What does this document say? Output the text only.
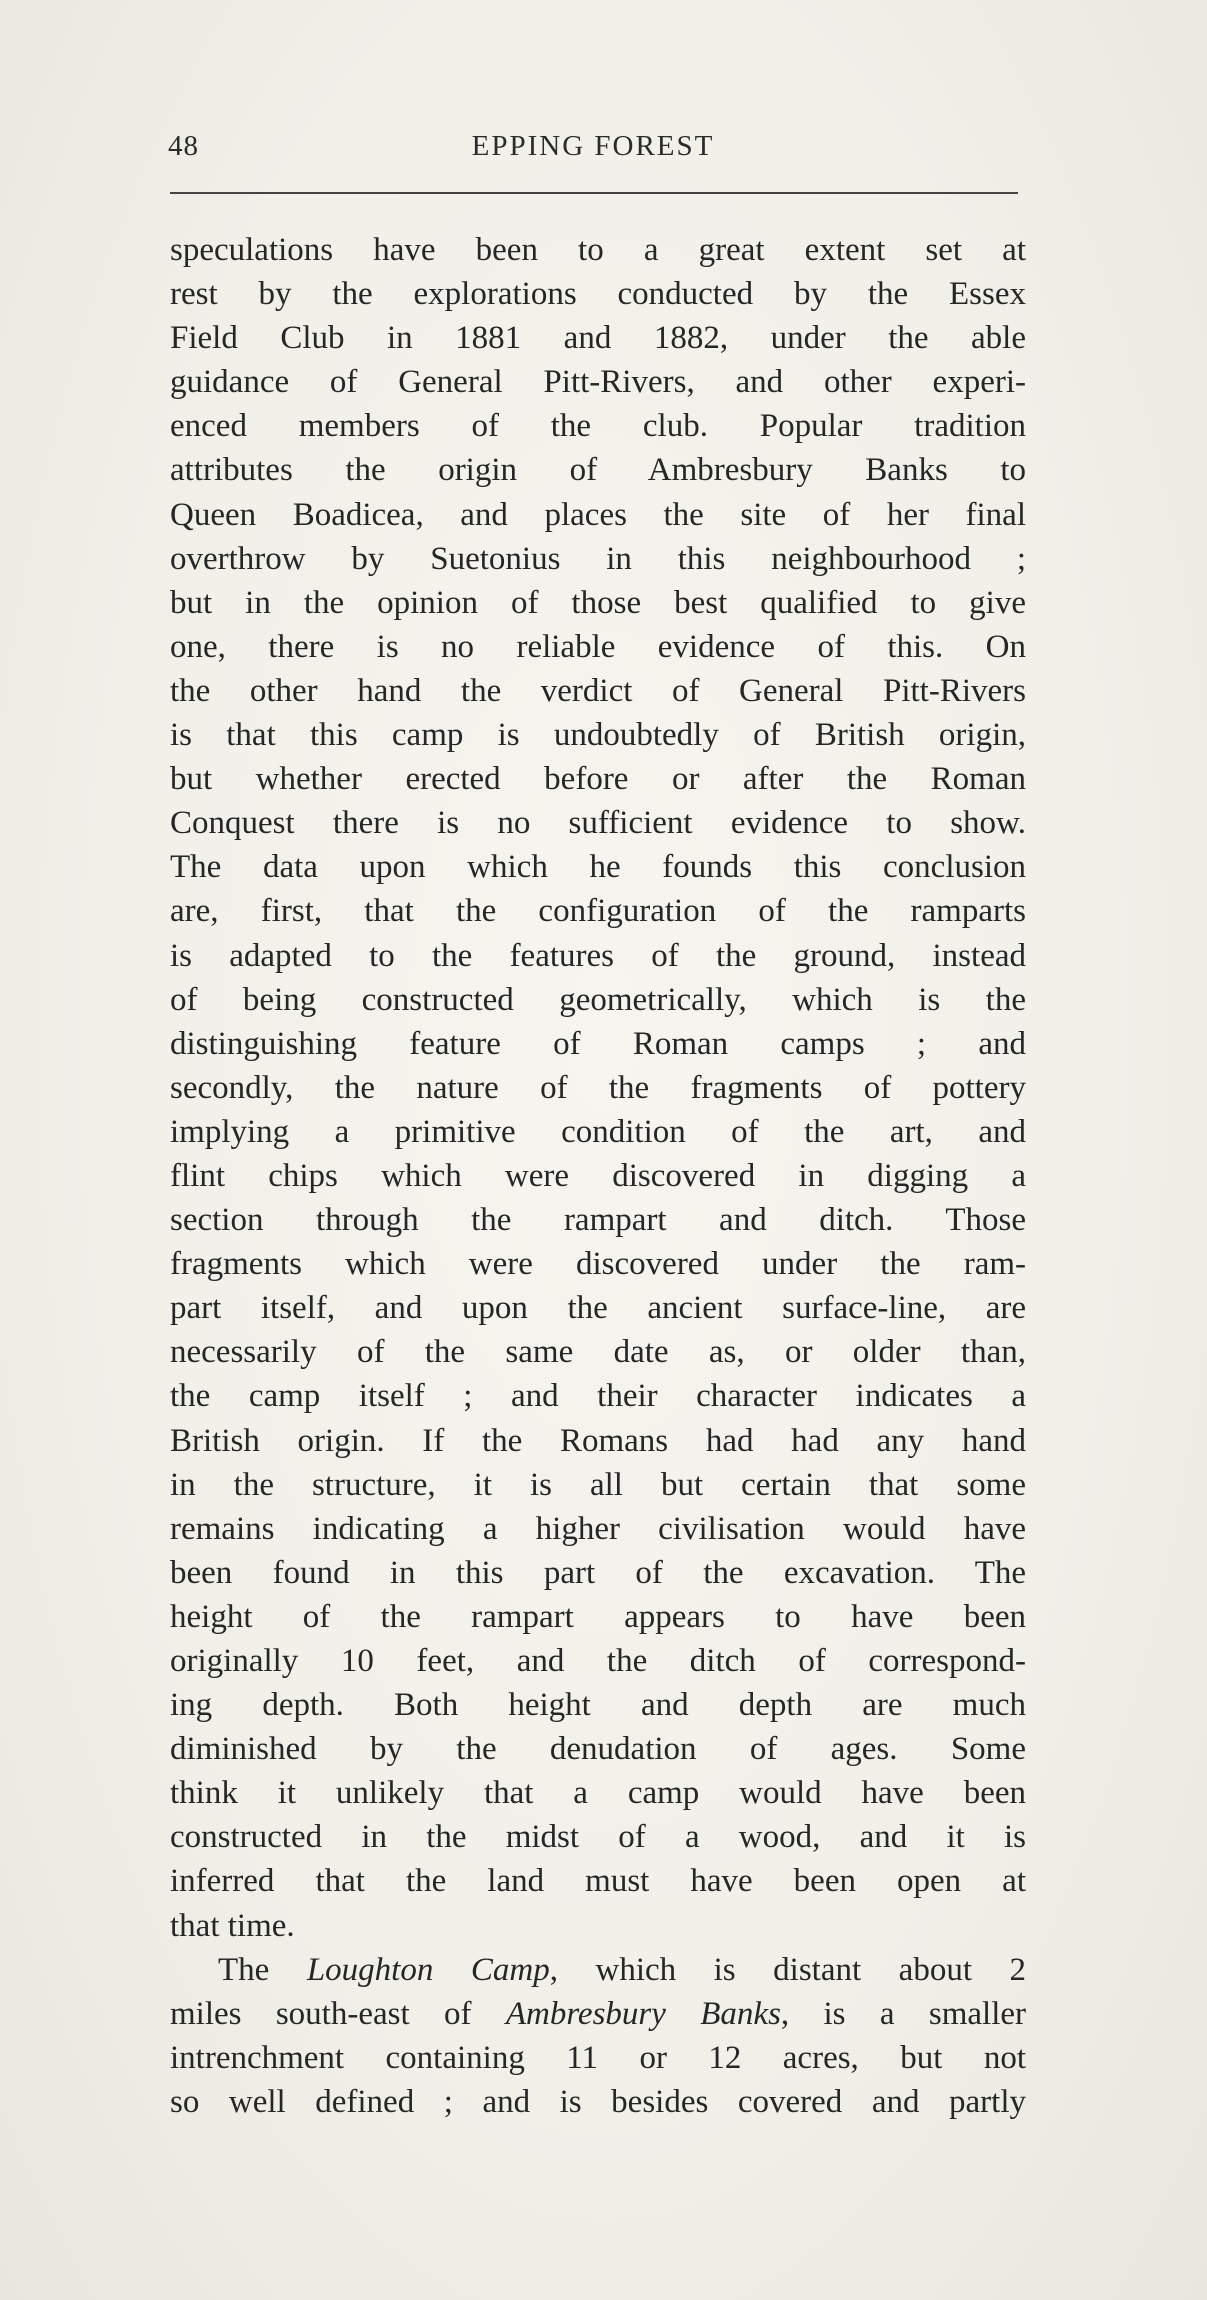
48	EPPING FOREST
speculations have been to a great extent set at
rest by the explorations conducted by the Essex
Field Club in 1881 and 1882, under the able
guidance of General Pitt-Rivers, and other experi-
enced members of the club. Popular tradition
attributes the origin of Ambresbury Banks to
Queen Boadicea, and places the site of her final
overthrow by Suetonius in this neighbourhood ;
but in the opinion of those best qualified to give
one, there is no reliable evidence of this. On
the other hand the verdict of General Pitt-Rivers
is that this camp is undoubtedly of British origin,
but whether erected before or after the Roman
Conquest there is no sufficient evidence to show.
The data upon which he founds this conclusion
are, first, that the configuration of the ramparts
is adapted to the features of the ground, instead
of being constructed geometrically, which is the
distinguishing feature of Roman camps ; and
secondly, the nature of the fragments of pottery
implying a primitive condition of the art, and
flint chips which were discovered in digging a
section through the rampart and ditch. Those
fragments which were discovered under the ram-
part itself, and upon the ancient surface-line, are
necessarily of the same date as, or older than,
the camp itself ; and their character indicates a
British origin. If the Romans had had any hand
in the structure, it is all but certain that some
remains indicating a higher civilisation would have
been found in this part of the excavation. The
height of the rampart appears to have been
originally 10 feet, and the ditch of correspond-
ing depth. Both height and depth are much
diminished by the denudation of ages. Some
think it unlikely that a camp would have been
constructed in the midst of a wood, and it is
inferred that the land must have been open at
that time.
The Loughton Camp, which is distant about 2
miles south-east of Ambresbury Banks, is a smaller
intrenchment containing 11 or 12 acres, but not
so well defined ; and is besides covered and partly
